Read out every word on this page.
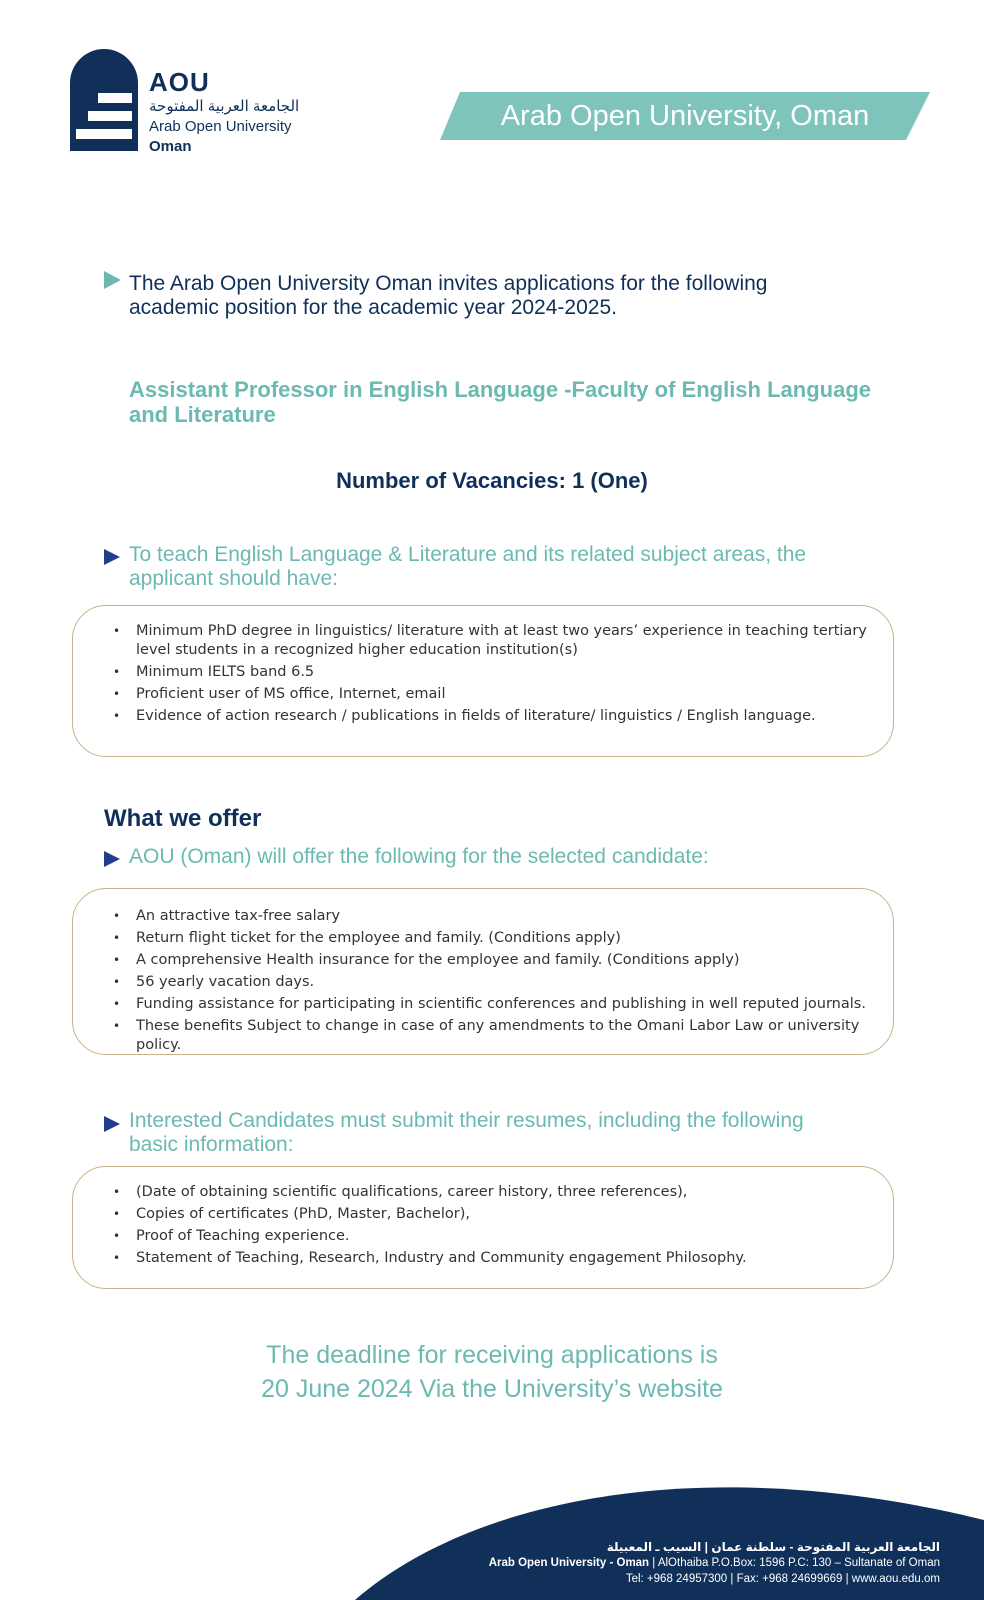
AOU
الجامعة العربية المفتوحة
Arab Open University
Oman
Arab Open University, Oman
The Arab Open University Oman invites applications for the following academic position for the academic year 2024-2025.
Assistant Professor in English Language -Faculty of English Language and Literature
Number of Vacancies: 1 (One)
To teach English Language & Literature and its related subject areas, the applicant should have:
• Minimum PhD degree in linguistics/ literature with at least two years’ experience in teaching tertiary level students in a recognized higher education institution(s)
• Minimum IELTS band 6.5
• Proficient user of MS office, Internet, email
• Evidence of action research / publications in fields of literature/ linguistics / English language.
What we offer
AOU (Oman) will offer the following for the selected candidate:
• An attractive tax-free salary
• Return flight ticket for the employee and family. (Conditions apply)
• A comprehensive Health insurance for the employee and family. (Conditions apply)
• 56 yearly vacation days.
• Funding assistance for participating in scientific conferences and publishing in well reputed journals.
• These benefits Subject to change in case of any amendments to the Omani Labor Law or university policy.
Interested Candidates must submit their resumes, including the following basic information:
• (Date of obtaining scientific qualifications, career history, three references),
• Copies of certificates (PhD, Master, Bachelor),
• Proof of Teaching experience.
• Statement of Teaching, Research, Industry and Community engagement Philosophy.
The deadline for receiving applications is
20 June 2024 Via the University’s website
الجامعة العربية المفتوحة - سلطنة عمان | السيب ـ المعبيلة
Arab Open University - Oman | AlOthaiba P.O.Box: 1596 P.C: 130 – Sultanate of Oman
Tel: +968 24957300 | Fax: +968 24699669 | www.aou.edu.om
